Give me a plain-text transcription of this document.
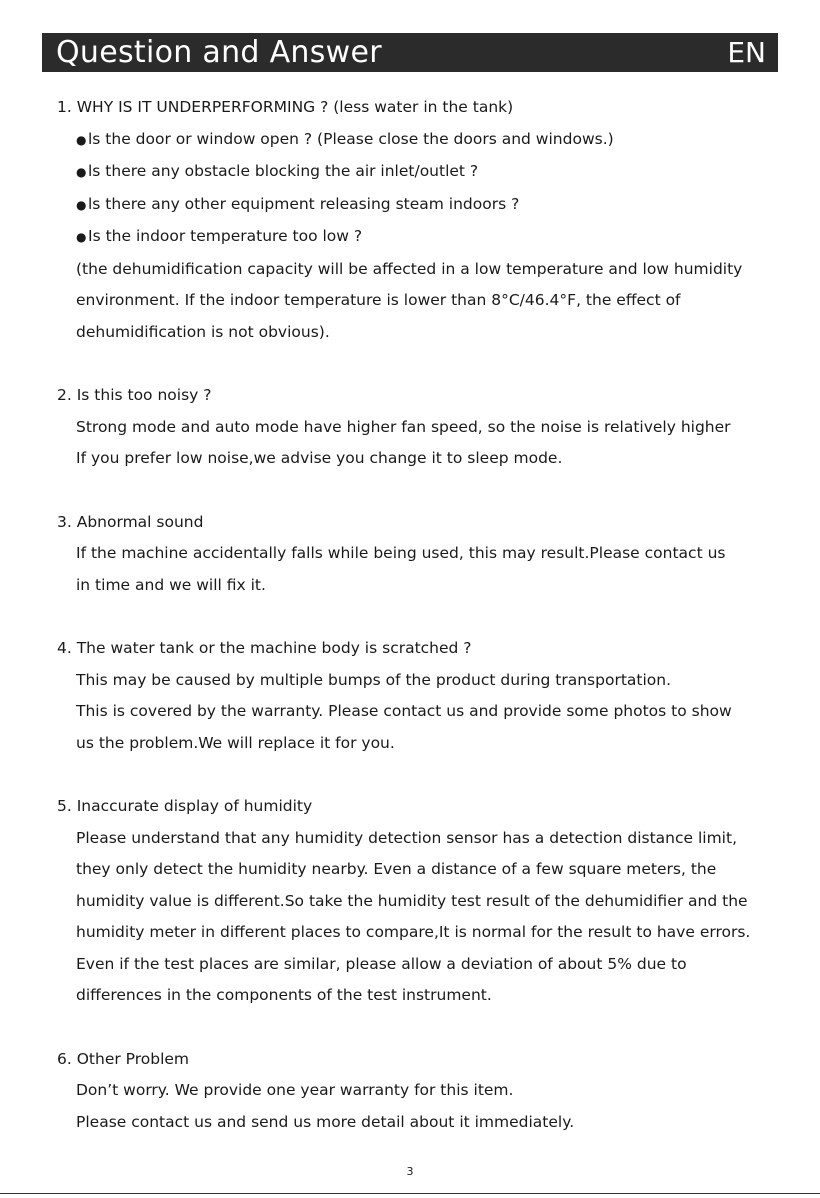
Question and Answer	EN
1. WHY IS IT UNDERPERFORMING ? (less water in the tank)
●ls the door or window open ? (Please close the doors and windows.)
●ls there any obstacle blocking the air inlet/outlet ?
●ls there any other equipment releasing steam indoors ?
●Is the indoor temperature too low ?
(the dehumidification capacity will be affected in a low temperature and low humidity
environment. If the indoor temperature is lower than 8°C/46.4°F, the effect of
dehumidification is not obvious).
2. Is this too noisy ?
Strong mode and auto mode have higher fan speed, so the noise is relatively higher
If you prefer low noise,we advise you change it to sleep mode.
3. Abnormal sound
If the machine accidentally falls while being used, this may result.Please contact us
in time and we will fix it.
4. The water tank or the machine body is scratched ?
This may be caused by multiple bumps of the product during transportation.
This is covered by the warranty. Please contact us and provide some photos to show
us the problem.We will replace it for you.
5. Inaccurate display of humidity
Please understand that any humidity detection sensor has a detection distance limit,
they only detect the humidity nearby. Even a distance of a few square meters, the
humidity value is different.So take the humidity test result of the dehumidifier and the
humidity meter in different places to compare,It is normal for the result to have errors.
Even if the test places are similar, please allow a deviation of about 5% due to
differences in the components of the test instrument.
6. Other Problem
Don’t worry. We provide one year warranty for this item.
Please contact us and send us more detail about it immediately.
3
